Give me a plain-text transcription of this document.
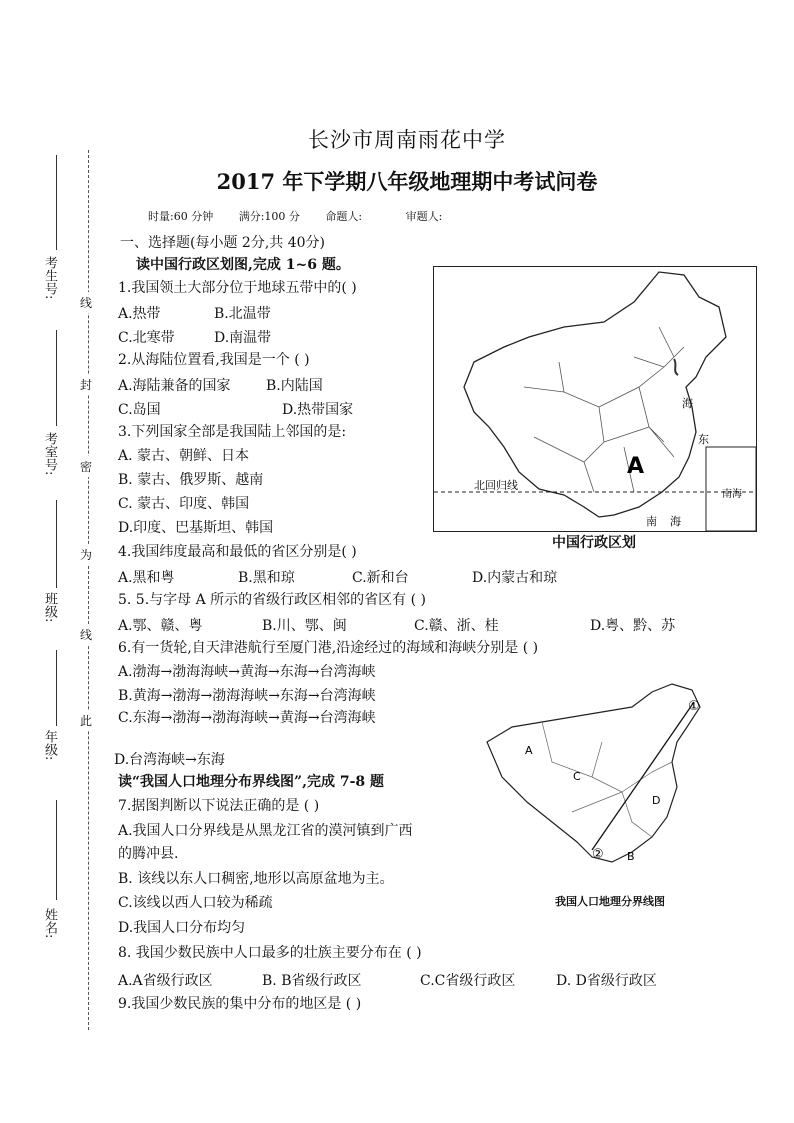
长沙市周南雨花中学
2017 年下学期八年级地理期中考试问卷
时量:60 分钟 满分:100 分 命题人:	审题人:
考生号:
考室号:
班级:
年级:
姓名:
线
封
密
为
线
此
一、选择题(每小题 2分,共 40分)
读中国行政区划图,完成 1~6 题。
1.我国领土大部分位于地球五带中的( )
A.热带	B.北温带
C.北寒带	D.南温带
2.从海陆位置看,我国是一个 ( )
A.海陆兼备的国家	B.内陆国
C.岛国	D.热带国家
3.下列国家全部是我国陆上邻国的是:
A. 蒙古、朝鲜、日本
B. 蒙古、俄罗斯、越南
C. 蒙古、印度、韩国
D.印度、巴基斯坦、韩国
4.我国纬度最高和最低的省区分别是( )
A.黑和粤	B.黑和琼	C.新和台	D.内蒙古和琼
5. 5.与字母 A 所示的省级行政区相邻的省区有 ( )
A.鄂、赣、粤	B.川、鄂、闽	C.赣、浙、桂	D.粤、黔、苏
6.有一货轮,自天津港航行至厦门港,沿途经过的海域和海峡分别是 ( )
A.渤海→渤海海峡→黄海→东海→台湾海峡
B.黄海→渤海→渤海海峡→东海→台湾海峡
C.东海→渤海→渤海海峡→黄海→台湾海峡
D.台湾海峡→东海
读“我国人口地理分布界线图”,完成 7-8 题
7.据图判断以下说法正确的是 ( )
A.我国人口分界线是从黑龙江省的漠河镇到广西
的腾冲县.
B. 该线以东人口稠密,地形以高原盆地为主。
C.该线以西人口较为稀疏
D.我国人口分布均匀
8. 我国少数民族中人口最多的壮族主要分布在 ( )
A.A省级行政区	B. B省级行政区	C.C省级行政区	D. D省级行政区
9.我国少数民族的集中分布的地区是 ( )
北回归线
A
海
东
南 海
南海
中国行政区划
A
B
C
D
①
②
我国人口地理分界线图
